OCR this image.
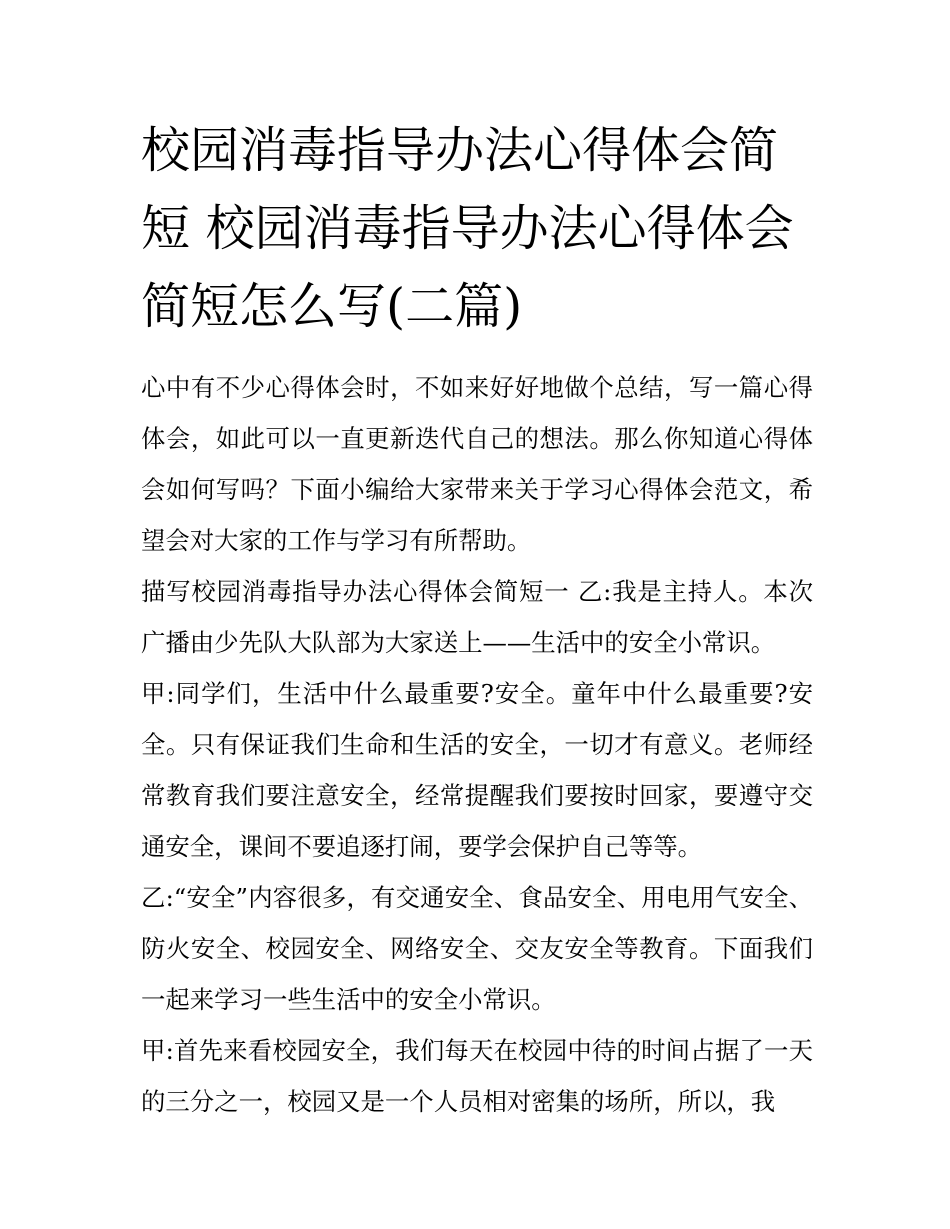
校园消毒指导办法心得体会简短 校园消毒指导办法心得体会简短怎么写(二篇)

心中有不少心得体会时，不如来好好地做个总结，写一篇心得体会，如此可以一直更新迭代自己的想法。那么你知道心得体会如何写吗？下面小编给大家带来关于学习心得体会范文，希望会对大家的工作与学习有所帮助。

描写校园消毒指导办法心得体会简短一 乙:我是主持人。本次广播由少先队大队部为大家送上——生活中的安全小常识。

甲:同学们，生活中什么最重要?安全。童年中什么最重要?安全。只有保证我们生命和生活的安全，一切才有意义。老师经常教育我们要注意安全，经常提醒我们要按时回家，要遵守交通安全，课间不要追逐打闹，要学会保护自己等等。

乙:“安全”内容很多，有交通安全、食品安全、用电用气安全、防火安全、校园安全、网络安全、交友安全等教育。下面我们一起来学习一些生活中的安全小常识。

甲:首先来看校园安全，我们每天在校园中待的时间占据了一天的三分之一，校园又是一个人员相对密集的场所，所以，我
